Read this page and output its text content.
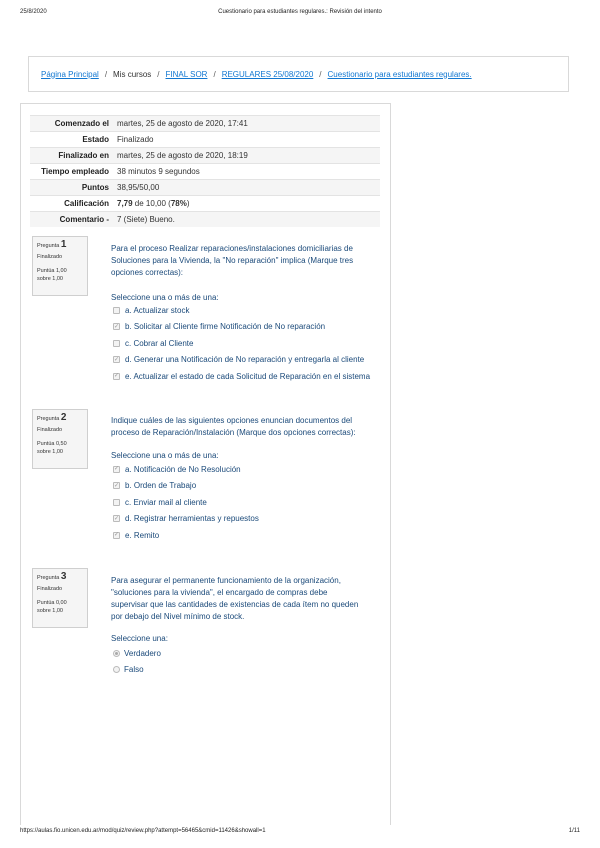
25/8/2020	Cuestionario para estudiantes regulares.: Revisión del intento
Página Principal / Mis cursos / FINAL SOR / REGULARES 25/08/2020 / Cuestionario para estudiantes regulares.
Comenzado el	martes, 25 de agosto de 2020, 17:41
Estado	Finalizado
Finalizado en	martes, 25 de agosto de 2020, 18:19
Tiempo empleado	38 minutos 9 segundos
Puntos	38,95/50,00
Calificación	7,79 de 10,00 (78%)
Comentario -	7 (Siete) Bueno.
Pregunta 1
Finalizado
Puntúa 1,00
sobre 1,00
Para el proceso Realizar reparaciones/instalaciones domiciliarias de Soluciones para la Vivienda, la "No reparación" implica (Marque tres opciones correctas):
Seleccione una o más de una:
a. Actualizar stock
✓ b. Solicitar al Cliente firme Notificación de No reparación
c. Cobrar al Cliente
✓ d. Generar una Notificación de No reparación y entregarla al cliente
✓ e. Actualizar el estado de cada Solicitud de Reparación en el sistema
Pregunta 2
Finalizado
Puntúa 0,50
sobre 1,00
Indique cuáles de las siguientes opciones enuncian documentos del proceso de Reparación/Instalación (Marque dos opciones correctas):
Seleccione una o más de una:
✓ a. Notificación de No Resolución
✓ b. Orden de Trabajo
c. Enviar mail al cliente
✓ d. Registrar herramientas y repuestos
✓ e. Remito
Pregunta 3
Finalizado
Puntúa 0,00
sobre 1,00
Para asegurar el permanente funcionamiento de la organización, "soluciones para la vivienda", el encargado de compras debe supervisar que las cantidades de existencias de cada ítem no queden por debajo del Nivel mínimo de stock.
Seleccione una:
Verdadero
Falso
https://aulas.fio.unicen.edu.ar/mod/quiz/review.php?attempt=56465&cmid=11426&showall=1	1/11
